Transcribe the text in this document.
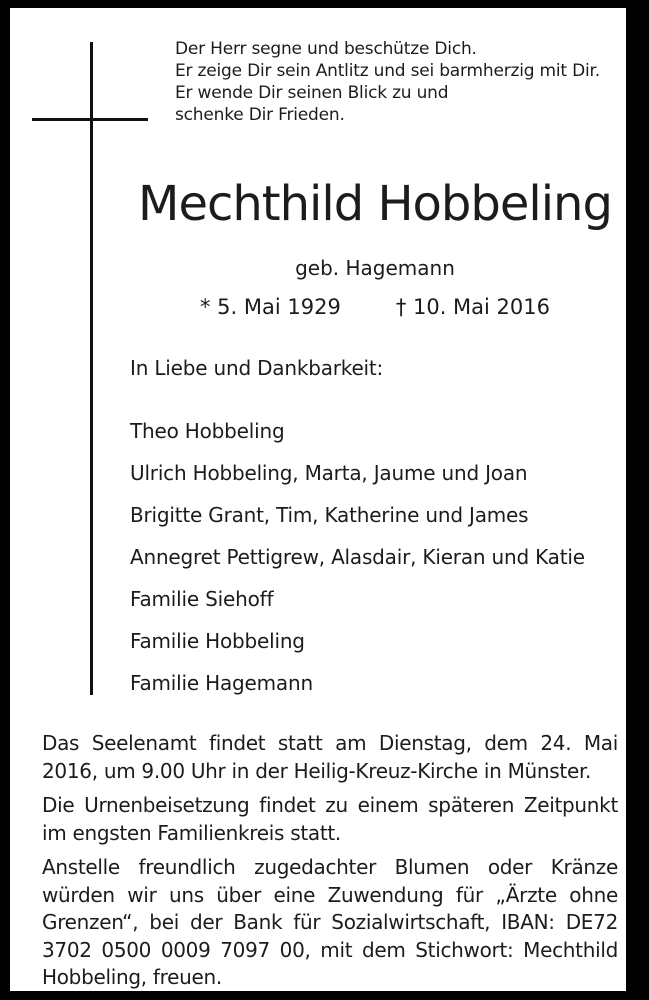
Der Herr segne und beschütze Dich.
Er zeige Dir sein Antlitz und sei barmherzig mit Dir.
Er wende Dir seinen Blick zu und
schenke Dir Frieden.
Mechthild Hobbeling
geb. Hagemann
* 5. Mai 1929	† 10. Mai 2016
In Liebe und Dankbarkeit:
Theo Hobbeling
Ulrich Hobbeling, Marta, Jaume und Joan
Brigitte Grant, Tim, Katherine und James
Annegret Pettigrew, Alasdair, Kieran und Katie
Familie Siehoff
Familie Hobbeling
Familie Hagemann

Das Seelenamt findet statt am Dienstag, dem 24. Mai 2016, um 9.00 Uhr in der Heilig-Kreuz-Kirche in Münster.

Die Urnenbeisetzung findet zu einem späteren Zeitpunkt im engsten Familienkreis statt.

Anstelle freundlich zugedachter Blumen oder Kränze würden wir uns über eine Zuwendung für „Ärzte ohne Grenzen“, bei der Bank für Sozialwirtschaft, IBAN: DE72 3702 0500 0009 7097 00, mit dem Stichwort: Mechthild Hobbeling, freuen.
